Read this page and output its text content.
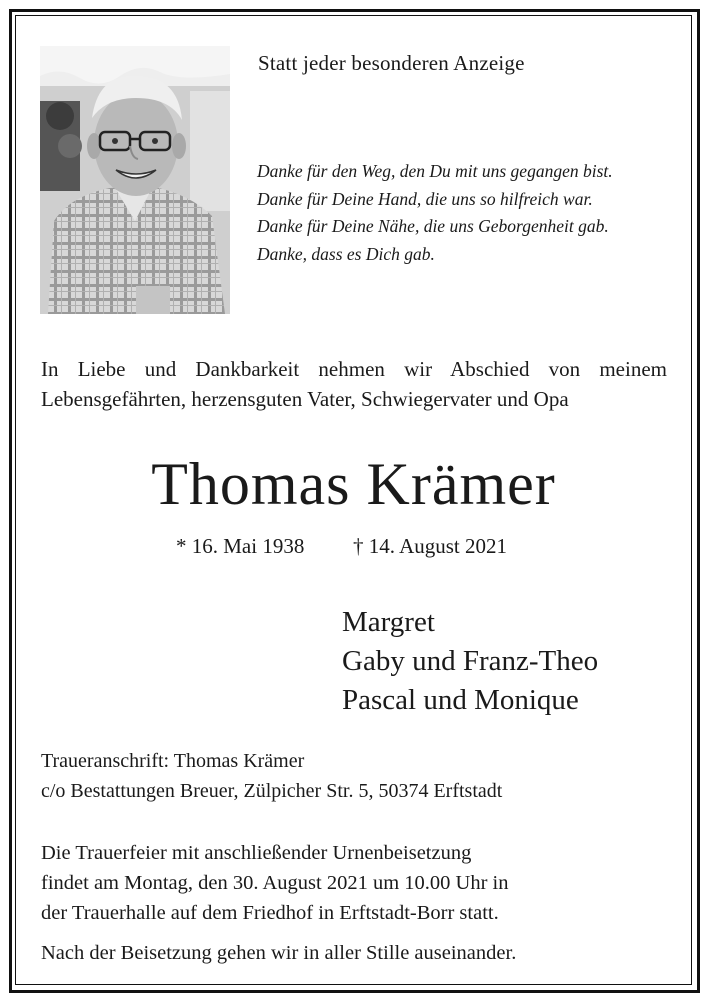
Statt jeder besonderen Anzeige
Danke für den Weg, den Du mit uns gegangen bist.
Danke für Deine Hand, die uns so hilfreich war.
Danke für Deine Nähe, die uns Geborgenheit gab.
Danke, dass es Dich gab.
In Liebe und Dankbarkeit nehmen wir Abschied von meinem Lebensgefährten, herzensguten Vater, Schwiegervater und Opa
Thomas Krämer
* 16. Mai 1938 † 14. August 2021
Margret
Gaby und Franz-Theo
Pascal und Monique
Traueranschrift: Thomas Krämer
c/o Bestattungen Breuer, Zülpicher Str. 5, 50374 Erftstadt
Die Trauerfeier mit anschließender Urnenbeisetzung
findet am Montag, den 30. August 2021 um 10.00 Uhr in
der Trauerhalle auf dem Friedhof in Erftstadt-Borr statt.
Nach der Beisetzung gehen wir in aller Stille auseinander.
